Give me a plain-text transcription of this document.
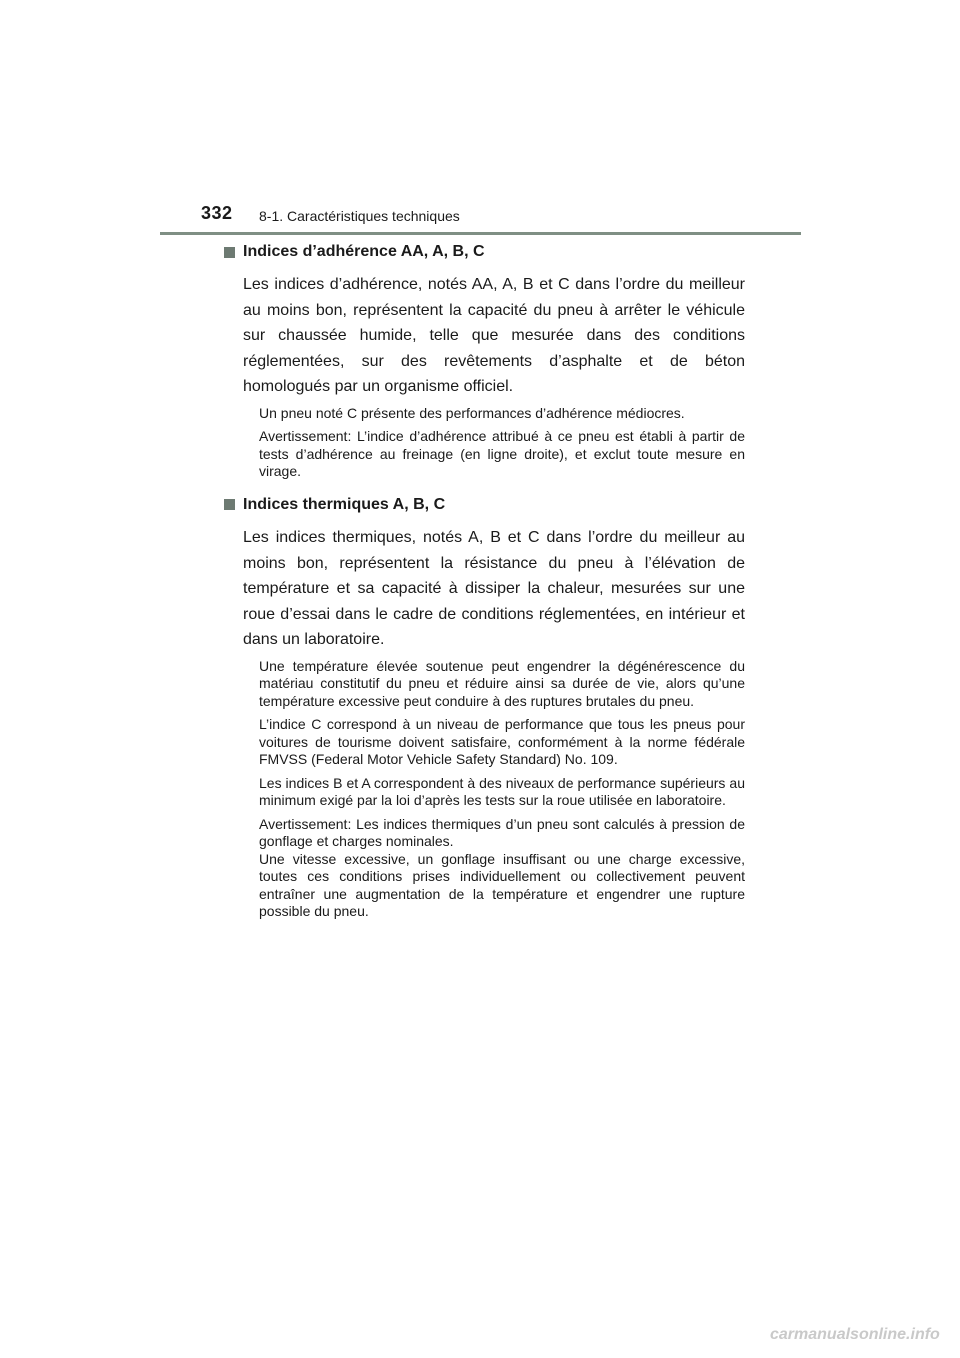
332 8-1. Caractéristiques techniques
Indices d’adhérence AA, A, B, C

Les indices d’adhérence, notés AA, A, B et C dans l’ordre du meilleur au moins bon, représentent la capacité du pneu à arrêter le véhicule sur chaussée humide, telle que mesurée dans des conditions réglementées, sur des revêtements d’asphalte et de béton homologués par un organisme officiel.

Un pneu noté C présente des performances d’adhérence médiocres.

Avertissement: L’indice d’adhérence attribué à ce pneu est établi à partir de tests d’adhérence au freinage (en ligne droite), et exclut toute mesure en virage.

Indices thermiques A, B, C

Les indices thermiques, notés A, B et C dans l’ordre du meilleur au moins bon, représentent la résistance du pneu à l’élévation de température et sa capacité à dissiper la chaleur, mesurées sur une roue d’essai dans le cadre de conditions réglementées, en intérieur et dans un laboratoire.

Une température élevée soutenue peut engendrer la dégénérescence du matériau constitutif du pneu et réduire ainsi sa durée de vie, alors qu’une température excessive peut conduire à des ruptures brutales du pneu.

L’indice C correspond à un niveau de performance que tous les pneus pour voitures de tourisme doivent satisfaire, conformément à la norme fédérale FMVSS (Federal Motor Vehicle Safety Standard) No. 109.

Les indices B et A correspondent à des niveaux de performance supérieurs au minimum exigé par la loi d’après les tests sur la roue utilisée en laboratoire.

Avertissement: Les indices thermiques d’un pneu sont calculés à pression de gonflage et charges nominales.

Une vitesse excessive, un gonflage insuffisant ou une charge excessive, toutes ces conditions prises individuellement ou collectivement peuvent entraîner une augmentation de la température et engendrer une rupture possible du pneu.

carmanualsonline.info
